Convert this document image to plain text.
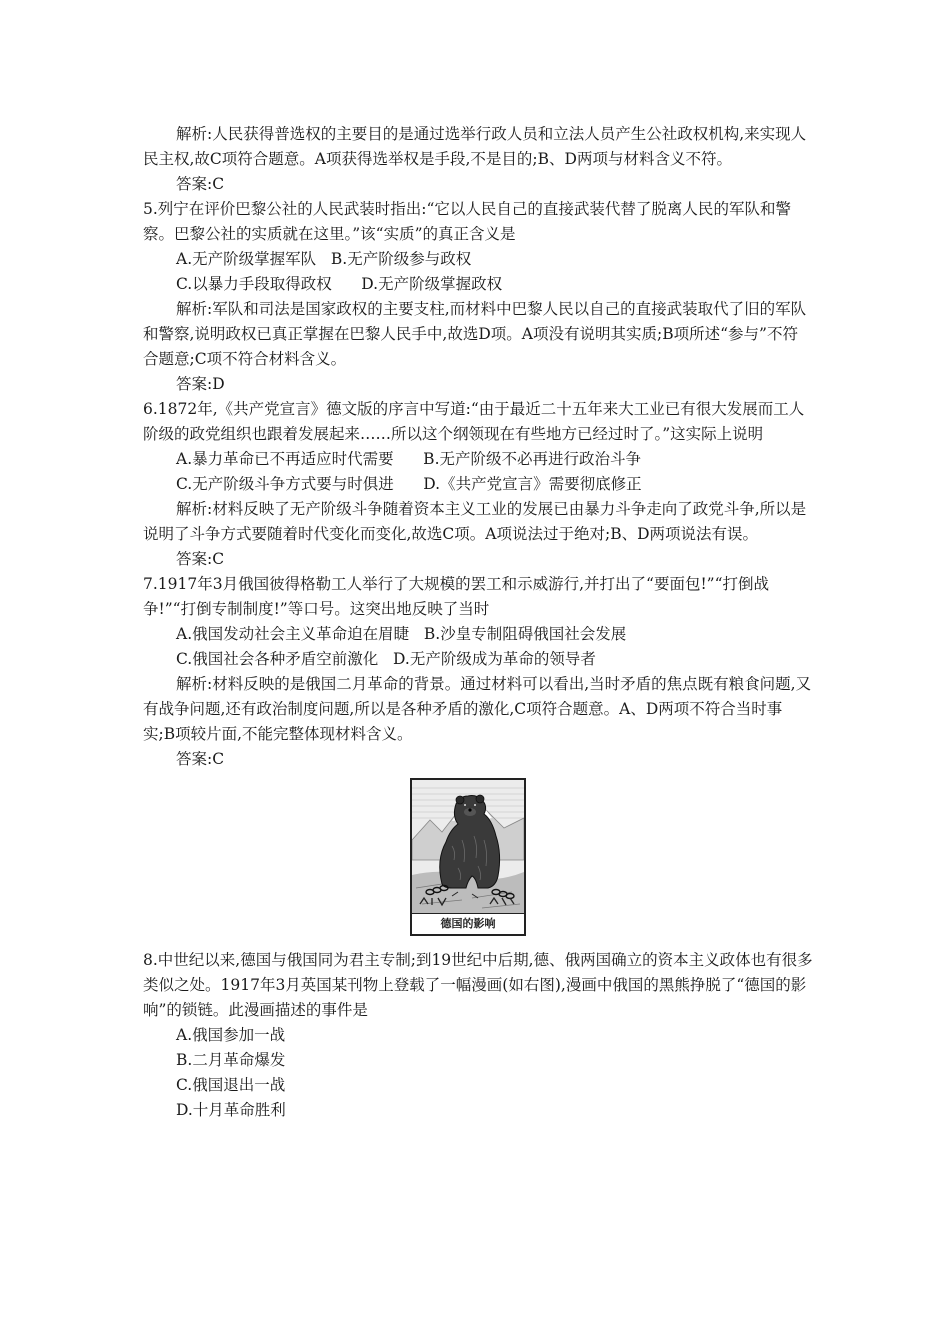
解析:人民获得普选权的主要目的是通过选举行政人员和立法人员产生公社政权机构,来实现人民主权,故C项符合题意。A项获得选举权是手段,不是目的;B、D两项与材料含义不符。

答案:C

5.列宁在评价巴黎公社的人民武装时指出:“它以人民自己的直接武装代替了脱离人民的军队和警察。巴黎公社的实质就在这里。”该“实质”的真正含义是

A.无产阶级掌握军队   B.无产阶级参与政权

C.以暴力手段取得政权      D.无产阶级掌握政权

解析:军队和司法是国家政权的主要支柱,而材料中巴黎人民以自己的直接武装取代了旧的军队和警察,说明政权已真正掌握在巴黎人民手中,故选D项。A项没有说明其实质;B项所述“参与”不符合题意;C项不符合材料含义。

答案:D

6.1872年,《共产党宣言》德文版的序言中写道:“由于最近二十五年来大工业已有很大发展而工人阶级的政党组织也跟着发展起来……所以这个纲领现在有些地方已经过时了。”这实际上说明

A.暴力革命已不再适应时代需要      B.无产阶级不必再进行政治斗争

C.无产阶级斗争方式要与时俱进      D.《共产党宣言》需要彻底修正

解析:材料反映了无产阶级斗争随着资本主义工业的发展已由暴力斗争走向了政党斗争,所以是说明了斗争方式要随着时代变化而变化,故选C项。A项说法过于绝对;B、D两项说法有误。

答案:C

7.1917年3月俄国彼得格勒工人举行了大规模的罢工和示威游行,并打出了“要面包!”“打倒战争!”“打倒专制制度!”等口号。这突出地反映了当时

A.俄国发动社会主义革命迫在眉睫   B.沙皇专制阻碍俄国社会发展

C.俄国社会各种矛盾空前激化   D.无产阶级成为革命的领导者

解析:材料反映的是俄国二月革命的背景。通过材料可以看出,当时矛盾的焦点既有粮食问题,又有战争问题,还有政治制度问题,所以是各种矛盾的激化,C项符合题意。A、D两项不符合当时事实;B项较片面,不能完整体现材料含义。

答案:C

德国的影响

8.中世纪以来,德国与俄国同为君主专制;到19世纪中后期,德、俄两国确立的资本主义政体也有很多类似之处。1917年3月英国某刊物上登载了一幅漫画(如右图),漫画中俄国的黑熊挣脱了“德国的影响”的锁链。此漫画描述的事件是

A.俄国参加一战

B.二月革命爆发

C.俄国退出一战

D.十月革命胜利
